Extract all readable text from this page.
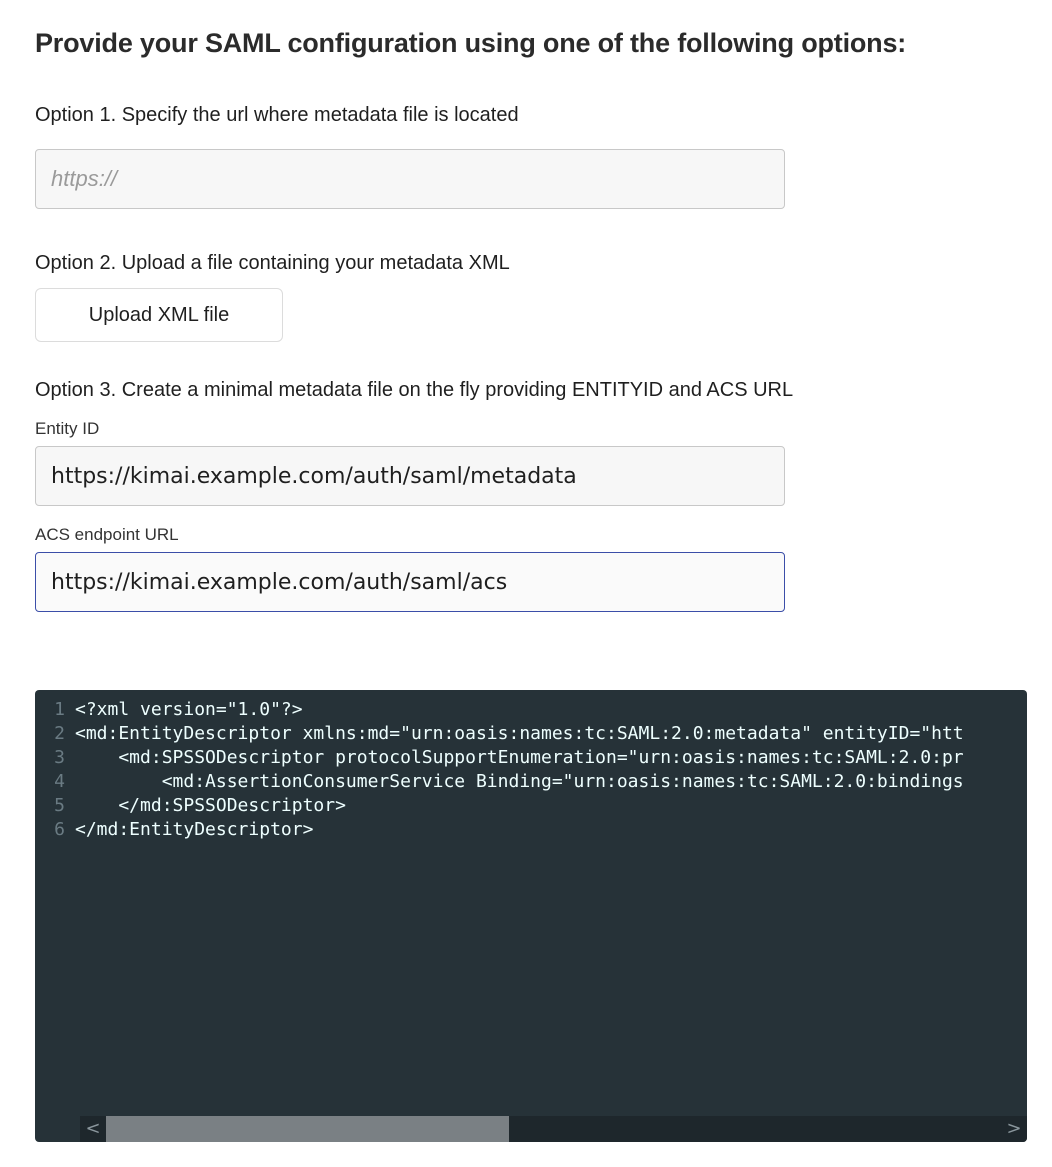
Provide your SAML configuration using one of the following options:
Option 1. Specify the url where metadata file is located
https://
Option 2. Upload a file containing your metadata XML
Upload XML file
Option 3. Create a minimal metadata file on the fly providing ENTITYID and ACS URL
Entity ID
https://kimai.example.com/auth/saml/metadata
ACS endpoint URL
https://kimai.example.com/auth/saml/acs
1 <?xml version="1.0"?>
2 <md:EntityDescriptor xmlns:md="urn:oasis:names:tc:SAML:2.0:metadata" entityID="htt
3 <md:SPSSODescriptor protocolSupportEnumeration="urn:oasis:names:tc:SAML:2.0:pr
4 <md:AssertionConsumerService Binding="urn:oasis:names:tc:SAML:2.0:bindings
5 </md:SPSSODescriptor>
6 </md:EntityDescriptor>
<	>
